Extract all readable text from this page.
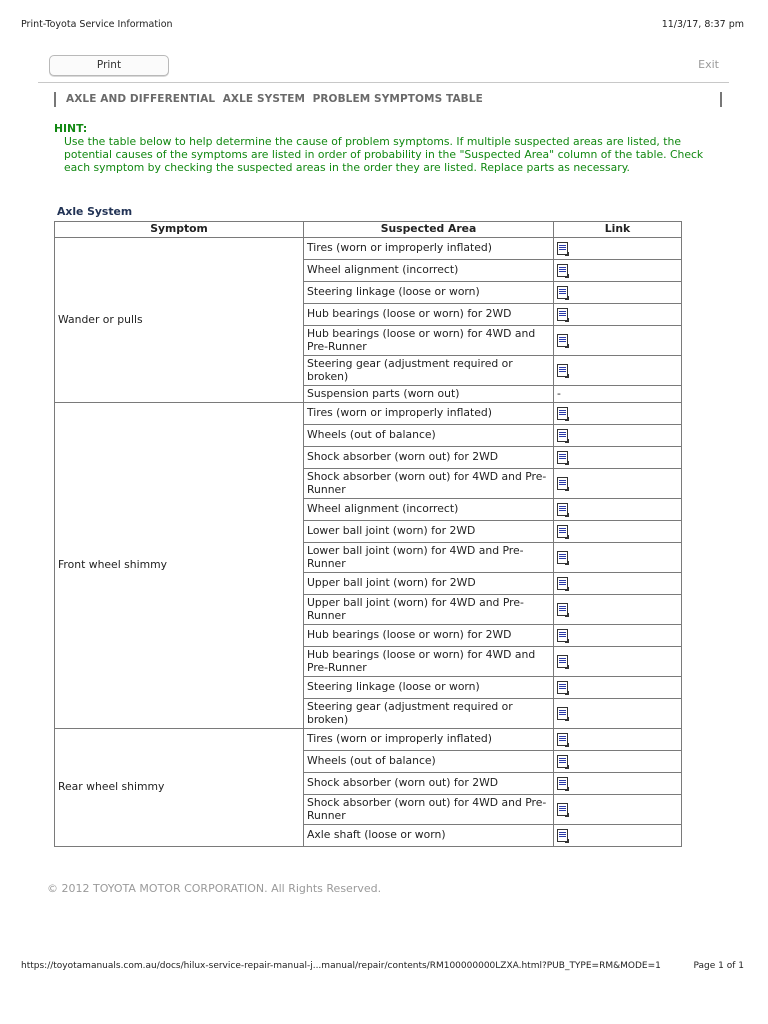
Print-Toyota Service Information	11/3/17, 8:37 pm
Print	Exit
AXLE AND DIFFERENTIAL  AXLE SYSTEM  PROBLEM SYMPTOMS TABLE
HINT:
Use the table below to help determine the cause of problem symptoms. If multiple suspected areas are listed, the potential causes of the symptoms are listed in order of probability in the "Suspected Area" column of the table. Check each symptom by checking the suspected areas in the order they are listed. Replace parts as necessary.
Axle System
Symptom	Suspected Area	Link
Wander or pulls	Tires (worn or improperly inflated)	
	Wheel alignment (incorrect)	
	Steering linkage (loose or worn)	
	Hub bearings (loose or worn) for 2WD	
	Hub bearings (loose or worn) for 4WD and Pre-Runner	
	Steering gear (adjustment required or broken)	
	Suspension parts (worn out)	-
Front wheel shimmy	Tires (worn or improperly inflated)	
	Wheels (out of balance)	
	Shock absorber (worn out) for 2WD	
	Shock absorber (worn out) for 4WD and Pre-Runner	
	Wheel alignment (incorrect)	
	Lower ball joint (worn) for 2WD	
	Lower ball joint (worn) for 4WD and Pre-Runner	
	Upper ball joint (worn) for 2WD	
	Upper ball joint (worn) for 4WD and Pre-Runner	
	Hub bearings (loose or worn) for 2WD	
	Hub bearings (loose or worn) for 4WD and Pre-Runner	
	Steering linkage (loose or worn)	
	Steering gear (adjustment required or broken)	
Rear wheel shimmy	Tires (worn or improperly inflated)	
	Wheels (out of balance)	
	Shock absorber (worn out) for 2WD	
	Shock absorber (worn out) for 4WD and Pre-Runner	
	Axle shaft (loose or worn)	
© 2012 TOYOTA MOTOR CORPORATION. All Rights Reserved.
https://toyotamanuals.com.au/docs/hilux-service-repair-manual-j...manual/repair/contents/RM100000000LZXA.html?PUB_TYPE=RM&MODE=1	Page 1 of 1
